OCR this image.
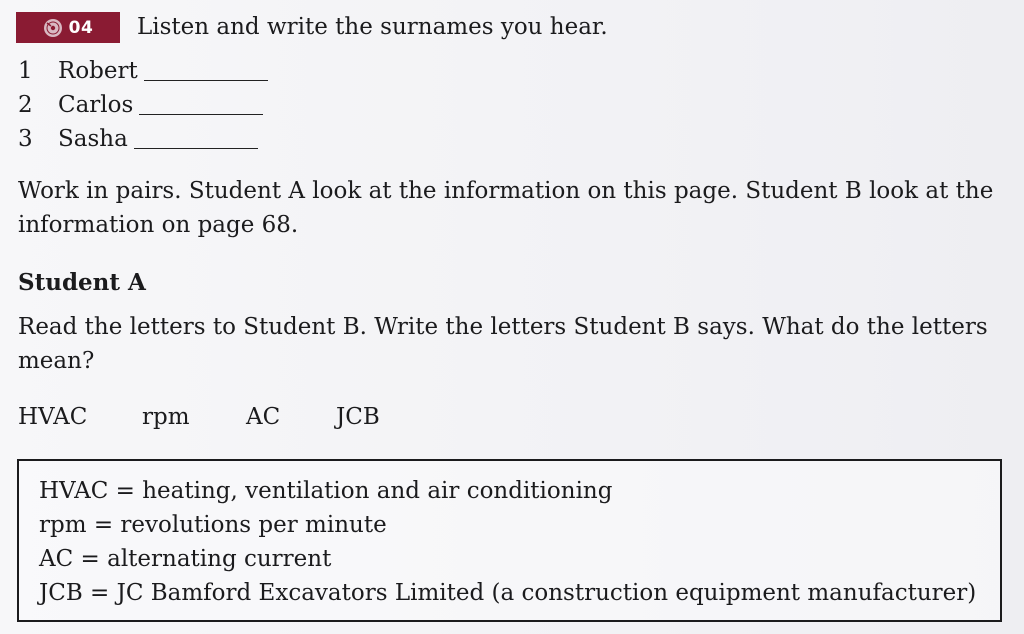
04 Listen and write the surnames you hear.
1 Robert
2 Carlos
3 Sasha
Work in pairs. Student A look at the information on this page. Student B look at the information on page 68.
Student A
Read the letters to Student B. Write the letters Student B says. What do the letters mean?
HVAC	rpm	AC	JCB
HVAC = heating, ventilation and air conditioning
rpm = revolutions per minute
AC = alternating current
JCB = JC Bamford Excavators Limited (a construction equipment manufacturer)
